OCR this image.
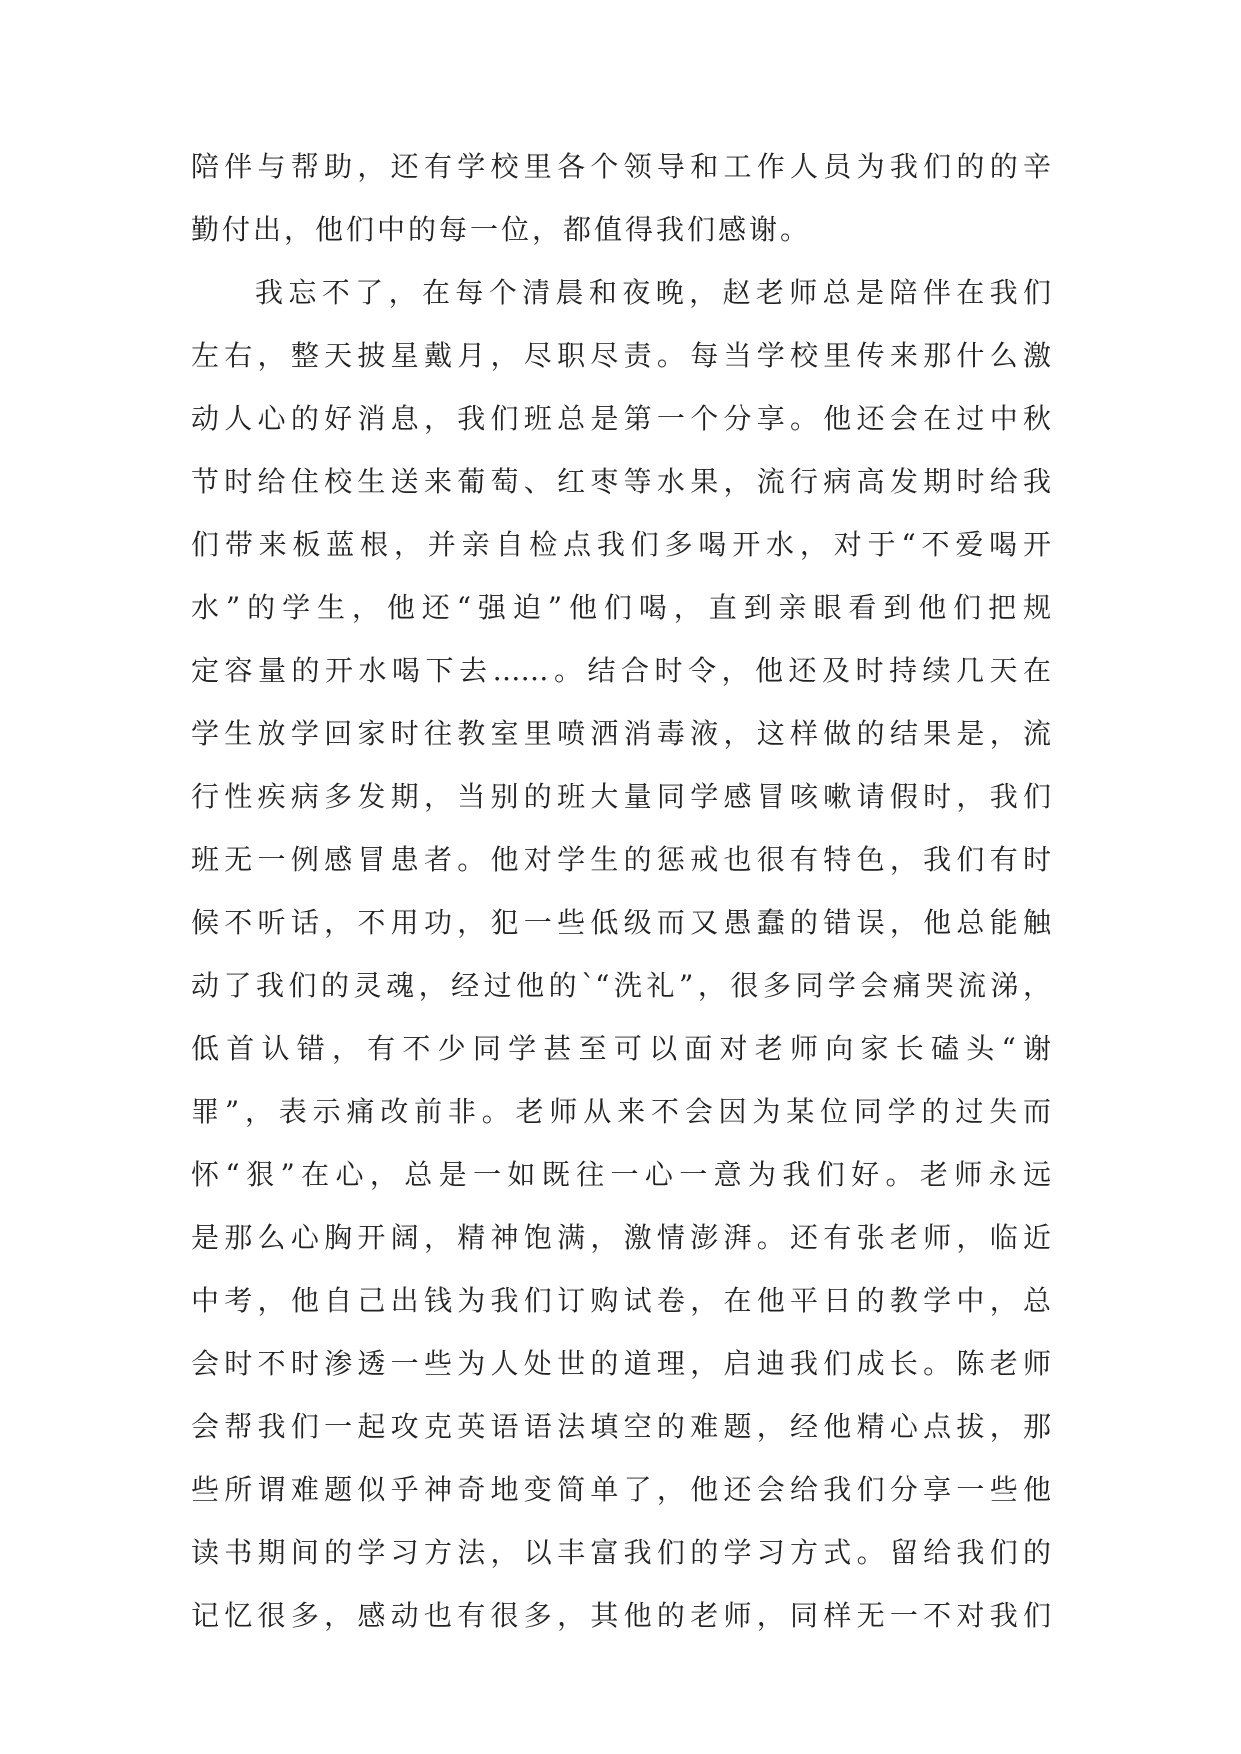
陪伴与帮助，还有学校里各个领导和工作人员为我们的的辛
勤付出，他们中的每一位，都值得我们感谢。
我忘不了，在每个清晨和夜晚，赵老师总是陪伴在我们
左右，整天披星戴月，尽职尽责。每当学校里传来那什么激
动人心的好消息，我们班总是第一个分享。他还会在过中秋
节时给住校生送来葡萄、红枣等水果，流行病高发期时给我
们带来板蓝根，并亲自检点我们多喝开水，对于“不爱喝开
水”的学生，他还“强迫”他们喝，直到亲眼看到他们把规
定容量的开水喝下去……。结合时令，他还及时持续几天在
学生放学回家时往教室里喷洒消毒液，这样做的结果是，流
行性疾病多发期，当别的班大量同学感冒咳嗽请假时，我们
班无一例感冒患者。他对学生的惩戒也很有特色，我们有时
候不听话，不用功，犯一些低级而又愚蠢的错误，他总能触
动了我们的灵魂，经过他的`“洗礼”，很多同学会痛哭流涕，
低首认错，有不少同学甚至可以面对老师向家长磕头“谢
罪”，表示痛改前非。老师从来不会因为某位同学的过失而
怀“狠”在心，总是一如既往一心一意为我们好。老师永远
是那么心胸开阔，精神饱满，激情澎湃。还有张老师，临近
中考，他自己出钱为我们订购试卷，在他平日的教学中，总
会时不时渗透一些为人处世的道理，启迪我们成长。陈老师
会帮我们一起攻克英语语法填空的难题，经他精心点拔，那
些所谓难题似乎神奇地变简单了，他还会给我们分享一些他
读书期间的学习方法，以丰富我们的学习方式。留给我们的
记忆很多，感动也有很多，其他的老师，同样无一不对我们
